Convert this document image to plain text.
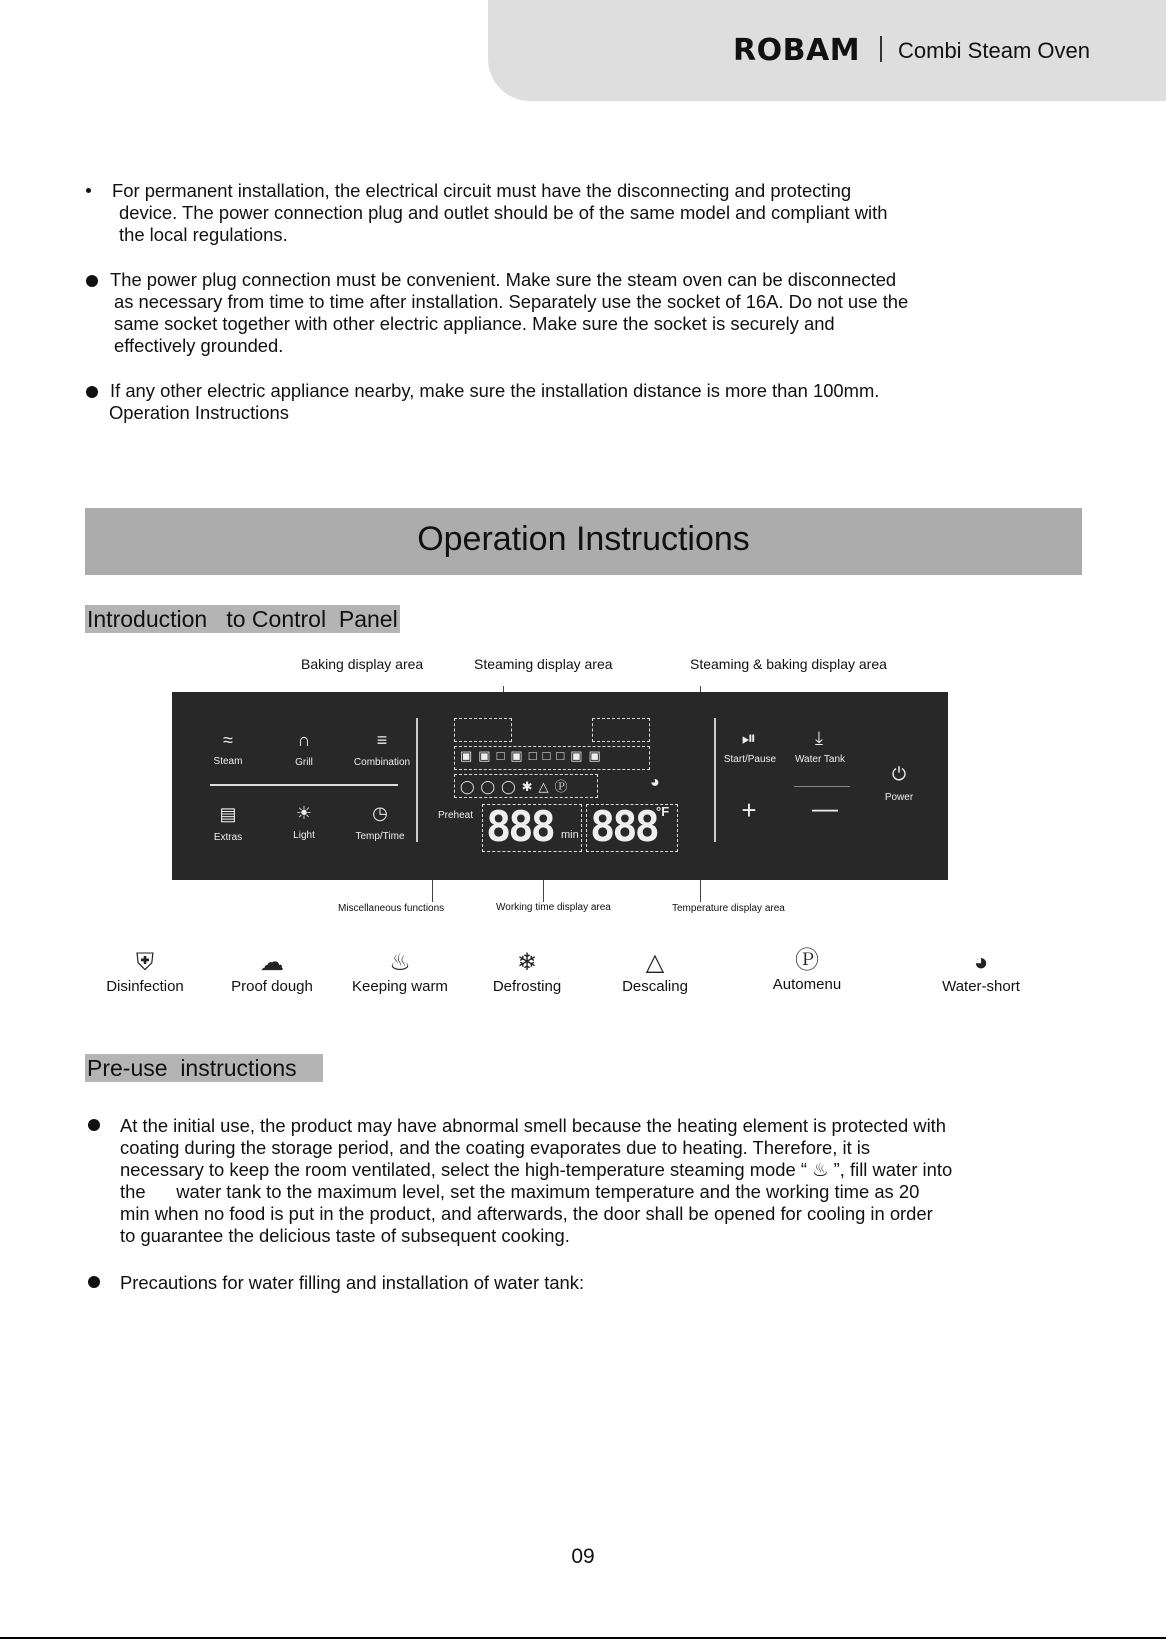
ROBAM Combi Steam Oven
For permanent installation, the electrical circuit must have the disconnecting and protecting
device. The power connection plug and outlet should be of the same model and compliant with
the local regulations.
The power plug connection must be convenient. Make sure the steam oven can be disconnected
as necessary from time to time after installation. Separately use the socket of 16A. Do not use the
same socket together with other electric appliance. Make sure the socket is securely and
effectively grounded.
If any other electric appliance nearby, make sure the installation distance is more than 100mm.
Operation Instructions
Operation Instructions
Introduction   to Control  Panel
Baking display area	Steaming display area	Steaming & baking display area
≈
Steam
∩
Grill
≡
Combination
▤
Extras
☀
Light
◷
Temp/Time
▣▣□▣□□□▣▣
◯◯◯✱△Ⓟ	◕
Preheat 888 min 888 °F
⏯
Start/Pause
⤓
Water Tank
⏻
Power
+ —
Miscellaneous functions	Working time display area	Temperature display area
⛨
Disinfection
☁
Proof dough
♨
Keeping warm
❄
Defrosting
△
Descaling
Ⓟ
Automenu
◕
Water-short
Pre-use  instructions
At the initial use, the product may have abnormal smell because the heating element is protected with
coating during the storage period, and the coating evaporates due to heating. Therefore, it is
necessary to keep the room ventilated, select the high-temperature steaming mode “ ♨ ”, fill water into
the      water tank to the maximum level, set the maximum temperature and the working time as 20
min when no food is put in the product, and afterwards, the door shall be opened for cooling in order
to guarantee the delicious taste of subsequent cooking.
Precautions for water filling and installation of water tank:
09
